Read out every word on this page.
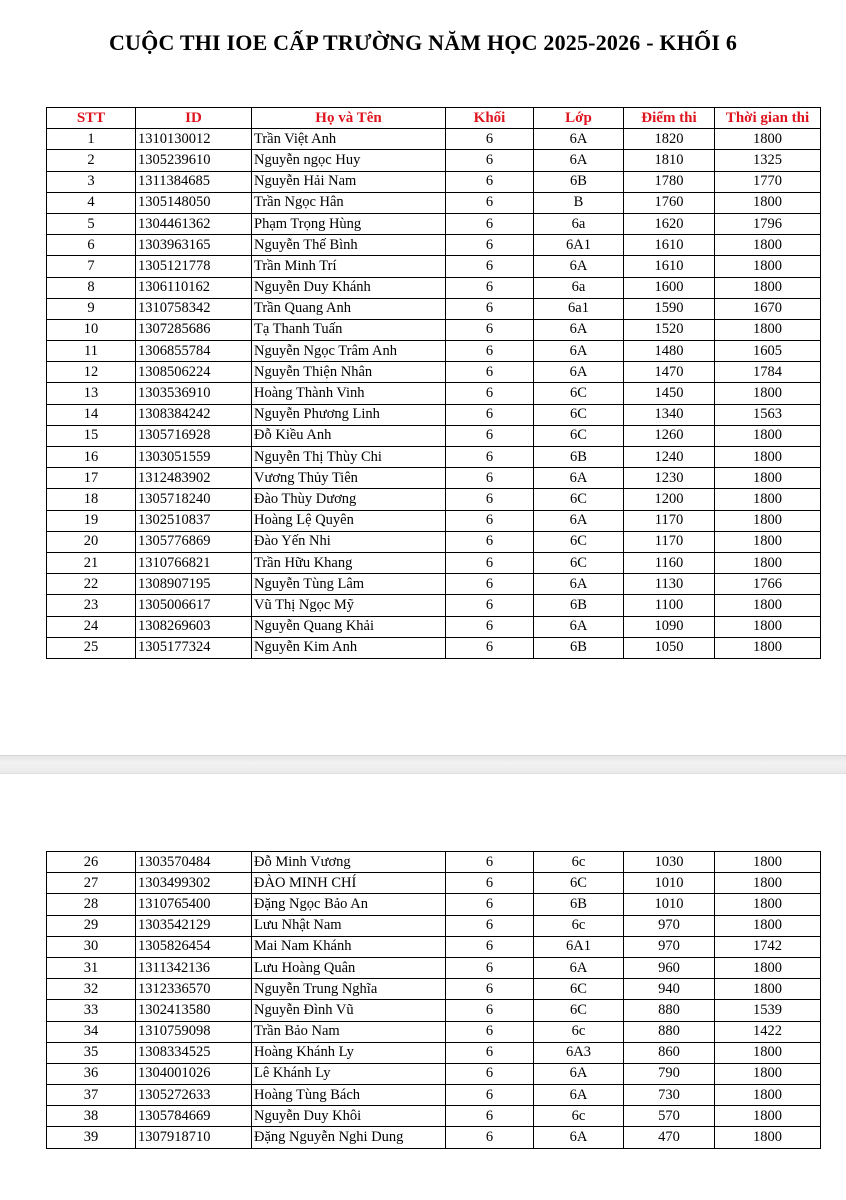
CUỘC THI IOE CẤP TRƯỜNG NĂM HỌC 2025-2026 - KHỐI 6
STT	ID	Họ và Tên	Khối	Lớp	Điểm thi	Thời gian thi
1	1310130012	Trần Việt Anh	6	6A	1820	1800
2	1305239610	Nguyễn ngọc Huy	6	6A	1810	1325
3	1311384685	Nguyễn Hải Nam	6	6B	1780	1770
4	1305148050	Trần Ngọc Hân	6	B	1760	1800
5	1304461362	Phạm Trọng Hùng	6	6a	1620	1796
6	1303963165	Nguyễn Thế Bình	6	6A1	1610	1800
7	1305121778	Trần Minh Trí	6	6A	1610	1800
8	1306110162	Nguyễn Duy Khánh	6	6a	1600	1800
9	1310758342	Trần Quang Anh	6	6a1	1590	1670
10	1307285686	Tạ Thanh Tuấn	6	6A	1520	1800
11	1306855784	Nguyễn Ngọc Trâm Anh	6	6A	1480	1605
12	1308506224	Nguyễn Thiện Nhân	6	6A	1470	1784
13	1303536910	Hoàng Thành Vinh	6	6C	1450	1800
14	1308384242	Nguyễn Phương Linh	6	6C	1340	1563
15	1305716928	Đỗ Kiều Anh	6	6C	1260	1800
16	1303051559	Nguyễn Thị Thùy Chi	6	6B	1240	1800
17	1312483902	Vương Thủy Tiên	6	6A	1230	1800
18	1305718240	Đào Thùy Dương	6	6C	1200	1800
19	1302510837	Hoàng Lệ Quyên	6	6A	1170	1800
20	1305776869	Đào Yến Nhi	6	6C	1170	1800
21	1310766821	Trần Hữu Khang	6	6C	1160	1800
22	1308907195	Nguyễn Tùng Lâm	6	6A	1130	1766
23	1305006617	Vũ Thị Ngọc Mỹ	6	6B	1100	1800
24	1308269603	Nguyễn Quang Khải	6	6A	1090	1800
25	1305177324	Nguyễn Kim Anh	6	6B	1050	1800
26	1303570484	Đỗ Minh Vương	6	6c	1030	1800
27	1303499302	ĐÀO MINH CHÍ	6	6C	1010	1800
28	1310765400	Đặng Ngọc Bảo An	6	6B	1010	1800
29	1303542129	Lưu Nhật Nam	6	6c	970	1800
30	1305826454	Mai Nam Khánh	6	6A1	970	1742
31	1311342136	Lưu Hoàng Quân	6	6A	960	1800
32	1312336570	Nguyễn Trung Nghĩa	6	6C	940	1800
33	1302413580	Nguyễn Đình Vũ	6	6C	880	1539
34	1310759098	Trần Bảo Nam	6	6c	880	1422
35	1308334525	Hoàng Khánh Ly	6	6A3	860	1800
36	1304001026	Lê Khánh Ly	6	6A	790	1800
37	1305272633	Hoàng Tùng Bách	6	6A	730	1800
38	1305784669	Nguyễn Duy Khôi	6	6c	570	1800
39	1307918710	Đặng Nguyễn Nghi Dung	6	6A	470	1800
